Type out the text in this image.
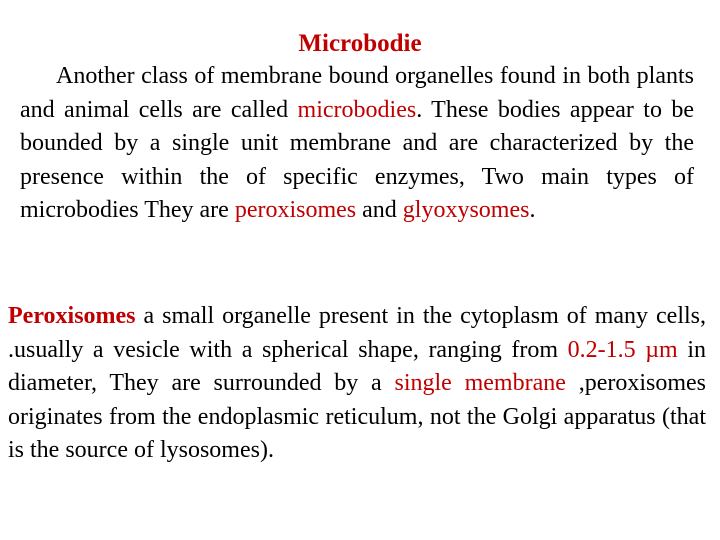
Microbodie

Another class of membrane bound organelles found in both plants and animal cells are called microbodies. These bodies appear to be bounded by a single unit membrane and are characterized by the presence within the of specific enzymes, Two main types of microbodies They are peroxisomes and glyoxysomes.

Peroxisomes a small organelle present in the cytoplasm of many cells, .usually a vesicle with a spherical shape, ranging from 0.2-1.5 µm in diameter, They are surrounded by a single membrane ,peroxisomes originates from the endoplasmic reticulum, not the Golgi apparatus (that is the source of lysosomes).
